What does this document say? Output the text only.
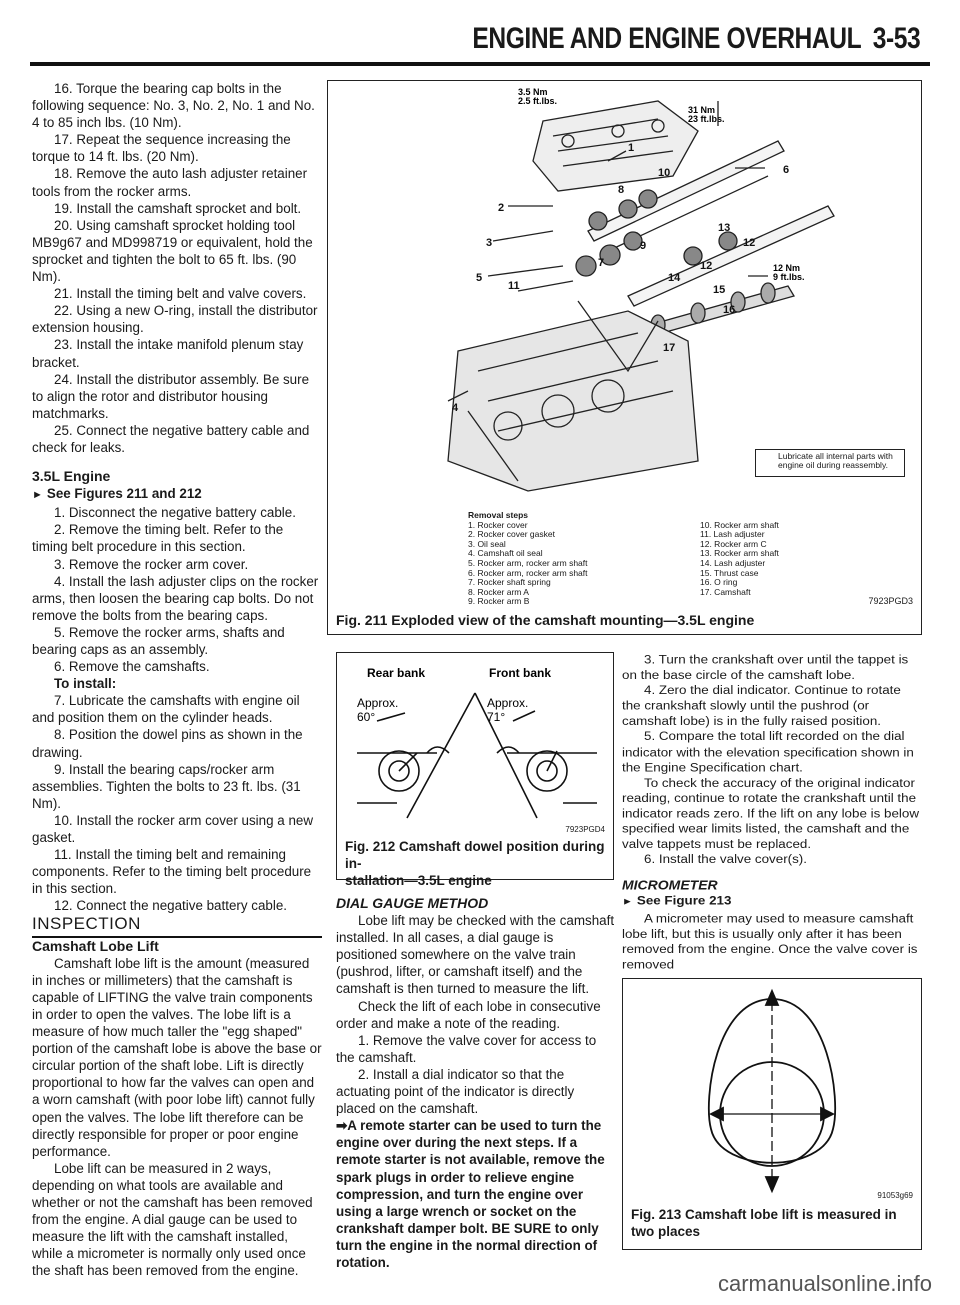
ENGINE AND ENGINE OVERHAUL 3-53

16. Torque the bearing cap bolts in the following sequence: No. 3, No. 2, No. 1 and No. 4 to 85 inch lbs. (10 Nm).

17. Repeat the sequence increasing the torque to 14 ft. lbs. (20 Nm).

18. Remove the auto lash adjuster retainer tools from the rocker arms.

19. Install the camshaft sprocket and bolt.

20. Using camshaft sprocket holding tool MB9g67 and MD998719 or equivalent, hold the sprocket and tighten the bolt to 65 ft. lbs. (90 Nm).

21. Install the timing belt and valve covers.

22. Using a new O-ring, install the distributor extension housing.

23. Install the intake manifold plenum stay bracket.

24. Install the distributor assembly. Be sure to align the rotor and distributor housing matchmarks.

25. Connect the negative battery cable and check for leaks.

3.5L Engine

► See Figures 211 and 212

1. Disconnect the negative battery cable.

2. Remove the timing belt. Refer to the timing belt procedure in this section.

3. Remove the rocker arm cover.

4. Install the lash adjuster clips on the rocker arms, then loosen the bearing cap bolts. Do not remove the bolts from the bearing caps.

5. Remove the rocker arms, shafts and bearing caps as an assembly.

6. Remove the camshafts.

To install:

7. Lubricate the camshafts with engine oil and position them on the cylinder heads.

8. Position the dowel pins as shown in the drawing.

9. Install the bearing caps/rocker arm assemblies. Tighten the bolts to 23 ft. lbs. (31 Nm).

10. Install the rocker arm cover using a new gasket.

11. Install the timing belt and remaining components. Refer to the timing belt procedure in this section.

12. Connect the negative battery cable.

INSPECTION

Camshaft Lobe Lift

Camshaft lobe lift is the amount (measured in inches or millimeters) that the camshaft is capable of LIFTING the valve train components in order to open the valves. The lobe lift is a measure of how much taller the "egg shaped" portion of the camshaft lobe is above the base or circular portion of the shaft lobe. Lift is directly proportional to how far the valves can open and a worn camshaft (with poor lobe lift) cannot fully open the valves. The lobe lift therefore can be directly responsible for proper or poor engine performance.

Lobe lift can be measured in 2 ways, depending on what tools are available and whether or not the camshaft has been removed from the engine. A dial gauge can be used to measure the lift with the camshaft installed, while a micrometer is normally only used once the shaft has been removed from the engine.

3.5 Nm
2.5 ft.lbs.
31 Nm
23 ft.lbs.
2
3
5
11
1
6
10
8
13
12
12
15
14
16
17
4
7
9
12 Nm
9 ft.lbs.
Lubricate all internal parts with engine oil during reassembly.
Removal steps
1. Rocker cover
2. Rocker cover gasket
3. Oil seal
4. Camshaft oil seal
5. Rocker arm, rocker arm shaft
6. Rocker arm, rocker arm shaft
7. Rocker shaft spring
8. Rocker arm A
9. Rocker arm B
10. Rocker arm shaft
11. Lash adjuster
12. Rocker arm C
13. Rocker arm shaft
14. Lash adjuster
15. Thrust case
16. O ring
17. Camshaft
7923PGD3
Fig. 211 Exploded view of the camshaft mounting—3.5L engine
Rear bank	Front bank
Approx.
60°
Approx.
71°
7923PGD4
Fig. 212 Camshaft dowel position during in-
stallation—3.5L engine

DIAL GAUGE METHOD

Lobe lift may be checked with the camshaft installed. In all cases, a dial gauge is positioned somewhere on the valve train (pushrod, lifter, or camshaft itself) and the camshaft is then turned to measure the lift.

Check the lift of each lobe in consecutive order and make a note of the reading.

1. Remove the valve cover for access to the camshaft.

2. Install a dial indicator so that the actuating point of the indicator is directly placed on the camshaft.

➡A remote starter can be used to turn the engine over during the next steps. If a remote starter is not available, remove the spark plugs in order to relieve engine compression, and turn the engine over using a large wrench or socket on the crankshaft damper bolt. BE SURE to only turn the engine in the normal direction of rotation.

3. Turn the crankshaft over until the tappet is on the base circle of the camshaft lobe.

4. Zero the dial indicator. Continue to rotate the crankshaft slowly until the pushrod (or camshaft lobe) is in the fully raised position.

5. Compare the total lift recorded on the dial indicator with the elevation specification shown in the Engine Specification chart.

To check the accuracy of the original indicator reading, continue to rotate the crankshaft until the indicator reads zero. If the lift on any lobe is below specified wear limits listed, the camshaft and the valve tappets must be replaced.

6. Install the valve cover(s).

MICROMETER

► See Figure 213

A micrometer may used to measure camshaft lobe lift, but this is usually only after it has been removed from the engine. Once the valve cover is removed

91053g69
Fig. 213 Camshaft lobe lift is measured in
two places
carmanualsonline.info
